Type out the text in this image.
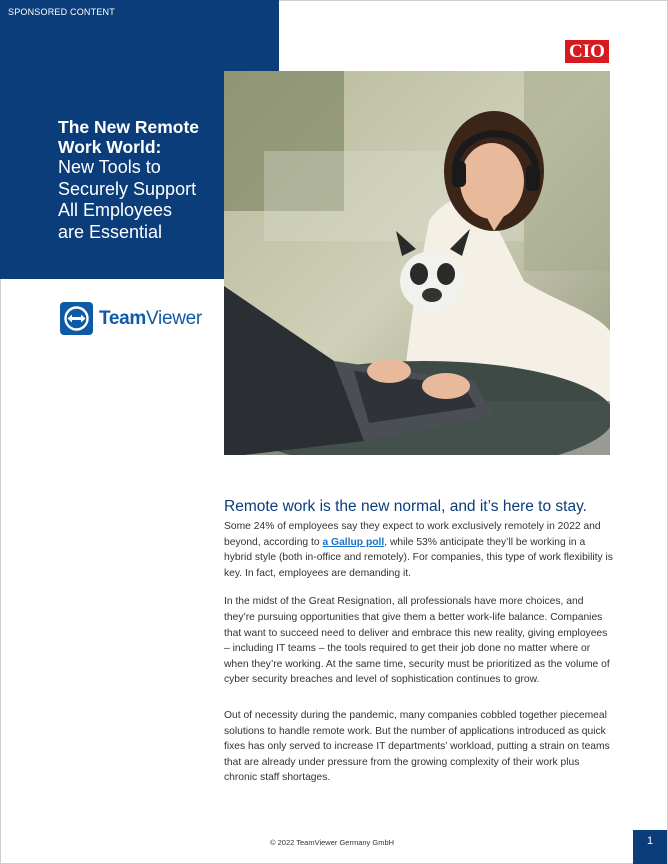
SPONSORED CONTENT
The New Remote
Work World:
New Tools to
Securely Support
All Employees
are Essential
CIO
TeamViewer

Remote work is the new normal, and it’s here to stay.

Some 24% of employees say they expect to work exclusively remotely in 2022 and beyond, according to a Gallup poll, while 53% anticipate they’ll be working in a hybrid style (both in-office and remotely). For companies, this type of work flexibility is key. In fact, employees are demanding it.

In the midst of the Great Resignation, all professionals have more choices, and they’re pursuing opportunities that give them a better work-life balance. Companies that want to succeed need to deliver and embrace this new reality, giving employees – including IT teams – the tools required to get their job done no matter where or when they’re working. At the same time, security must be prioritized as the volume of cyber security breaches and level of sophistication continues to grow.

Out of necessity during the pandemic, many companies cobbled together piecemeal solutions to handle remote work. But the number of applications introduced as quick fixes has only served to increase IT departments’ workload, putting a strain on teams that are already under pressure from the growing complexity of their work plus chronic staff shortages.

© 2022 TeamViewer Germany GmbH	1
